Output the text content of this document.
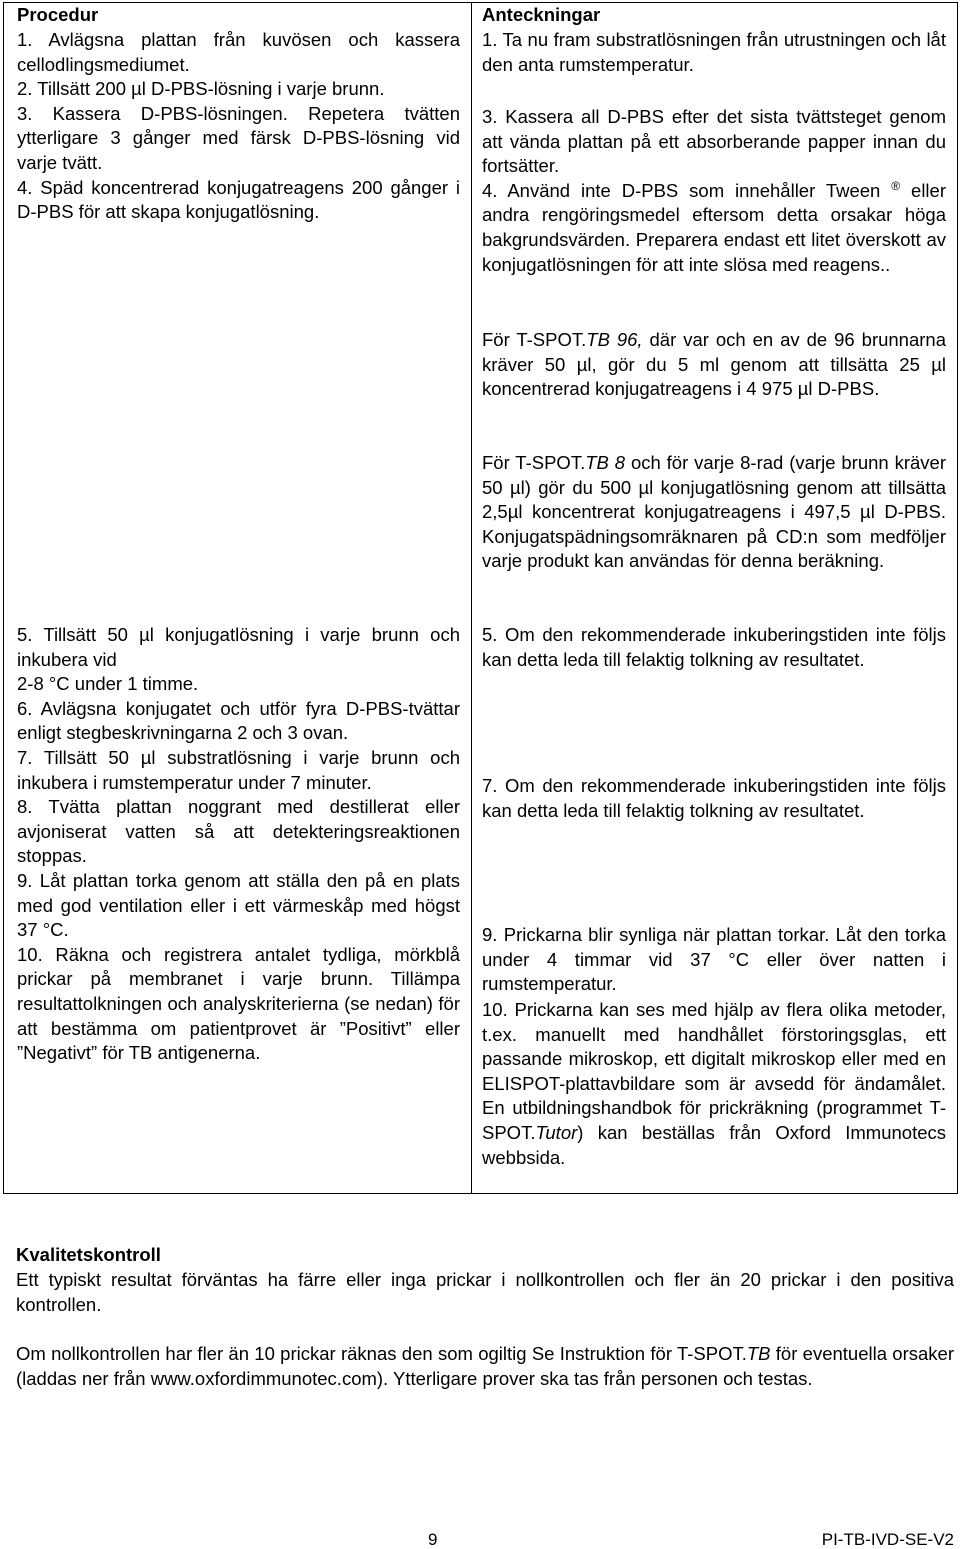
Procedur
1. Avlägsna plattan från kuvösen och kassera cellodlingsmediumet.
2. Tillsätt 200 µl D-PBS-lösning i varje brunn.
3. Kassera D-PBS-lösningen. Repetera tvätten ytterligare 3 gånger med färsk D-PBS-lösning vid varje tvätt.
4. Späd koncentrerad konjugatreagens 200 gånger i D-PBS för att skapa konjugatlösning.
5. Tillsätt 50 µl konjugatlösning i varje brunn och inkubera vid
2-8 °C under 1 timme.
6. Avlägsna konjugatet och utför fyra D-PBS-tvättar enligt stegbeskrivningarna 2 och 3 ovan.
7. Tillsätt 50 µl substratlösning i varje brunn och inkubera i rumstemperatur under 7 minuter.
8. Tvätta plattan noggrant med destillerat eller avjoniserat vatten så att detekteringsreaktionen stoppas.
9. Låt plattan torka genom att ställa den på en plats med god ventilation eller i ett värmeskåp med högst 37 °C.
10. Räkna och registrera antalet tydliga, mörkblå prickar på membranet i varje brunn. Tillämpa resultattolkningen och analyskriterierna (se nedan) för att bestämma om patientprovet är ”Positivt” eller ”Negativt” för TB antigenerna.
Anteckningar
1. Ta nu fram substratlösningen från utrustningen och låt den anta rumstemperatur.
3. Kassera all D-PBS efter det sista tvättsteget genom att vända plattan på ett absorberande papper innan du fortsätter.
4. Använd inte D-PBS som innehåller Tween ® eller andra rengöringsmedel eftersom detta orsakar höga bakgrundsvärden. Preparera endast ett litet överskott av konjugatlösningen för att inte slösa med reagens..
För T-SPOT.TB 96, där var och en av de 96 brunnarna kräver 50 µl, gör du 5 ml genom att tillsätta 25 µl koncentrerad konjugatreagens i 4 975 µl D-PBS.
För T-SPOT.TB 8 och för varje 8-rad (varje brunn kräver 50 µl) gör du 500 µl konjugatlösning genom att tillsätta 2,5µl koncentrerat konjugatreagens i 497,5 µl D-PBS. Konjugatspädningsomräknaren på CD:n som medföljer varje produkt kan användas för denna beräkning.
5. Om den rekommenderade inkuberingstiden inte följs kan detta leda till felaktig tolkning av resultatet.
7. Om den rekommenderade inkuberingstiden inte följs kan detta leda till felaktig tolkning av resultatet.
9. Prickarna blir synliga när plattan torkar. Låt den torka under 4 timmar vid 37 °C eller över natten i rumstemperatur.
10. Prickarna kan ses med hjälp av flera olika metoder, t.ex. manuellt med handhållet förstoringsglas, ett passande mikroskop, ett digitalt mikroskop eller med en ELISPOT-plattavbildare som är avsedd för ändamålet. En utbildningshandbok för prickräkning (programmet T-SPOT.Tutor) kan beställas från Oxford Immunotecs webbsida.
Kvalitetskontroll
Ett typiskt resultat förväntas ha färre eller inga prickar i nollkontrollen och fler än 20 prickar i den positiva kontrollen.
Om nollkontrollen har fler än 10 prickar räknas den som ogiltig Se Instruktion för T-SPOT.TB för eventuella orsaker (laddas ner från www.oxfordimmunotec.com). Ytterligare prover ska tas från personen och testas.
9	PI-TB-IVD-SE-V2
